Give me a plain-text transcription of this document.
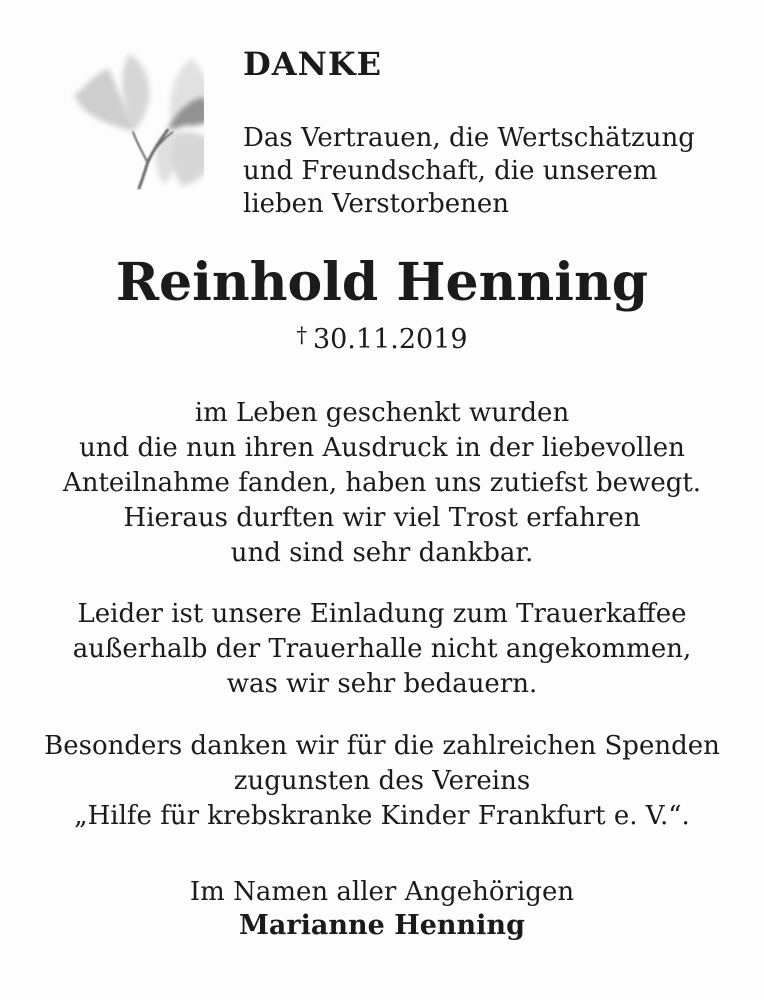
DANKE
Das Vertrauen, die Wertschätzung
und Freundschaft, die unserem
lieben Verstorbenen
Reinhold Henning
† 30.11.2019
im Leben geschenkt wurden
und die nun ihren Ausdruck in der liebevollen
Anteilnahme fanden, haben uns zutiefst bewegt.
Hieraus durften wir viel Trost erfahren
und sind sehr dankbar.
Leider ist unsere Einladung zum Trauerkaffee
außerhalb der Trauerhalle nicht angekommen,
was wir sehr bedauern.
Besonders danken wir für die zahlreichen Spenden
zugunsten des Vereins
„Hilfe für krebskranke Kinder Frankfurt e. V.“.
Im Namen aller Angehörigen
Marianne Henning
